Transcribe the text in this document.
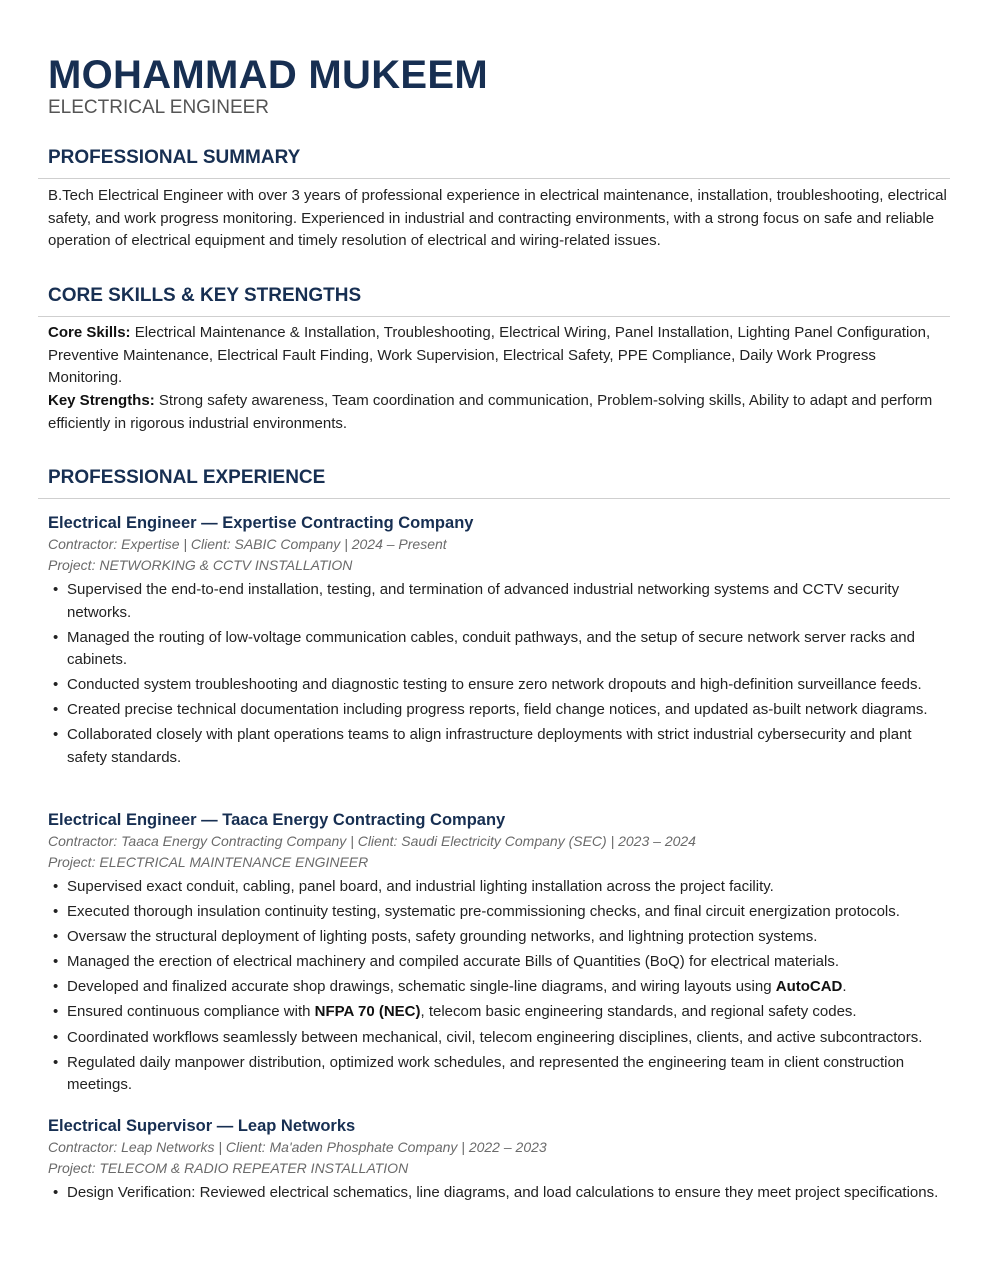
MOHAMMAD MUKEEM
ELECTRICAL ENGINEER
PROFESSIONAL SUMMARY

B.Tech Electrical Engineer with over 3 years of professional experience in electrical maintenance, installation, troubleshooting, electrical safety, and work progress monitoring. Experienced in industrial and contracting environments, with a strong focus on safe and reliable operation of electrical equipment and timely resolution of electrical and wiring-related issues.

CORE SKILLS & KEY STRENGTHS

Core Skills: Electrical Maintenance & Installation, Troubleshooting, Electrical Wiring, Panel Installation, Lighting Panel Configuration, Preventive Maintenance, Electrical Fault Finding, Work Supervision, Electrical Safety, PPE Compliance, Daily Work Progress Monitoring.

Key Strengths: Strong safety awareness, Team coordination and communication, Problem-solving skills, Ability to adapt and perform efficiently in rigorous industrial environments.

PROFESSIONAL EXPERIENCE
Electrical Engineer — Expertise Contracting Company
Contractor: Expertise | Client: SABIC Company | 2024 – Present
Project: NETWORKING & CCTV INSTALLATION
• Supervised the end-to-end installation, testing, and termination of advanced industrial networking systems and CCTV security networks.
• Managed the routing of low-voltage communication cables, conduit pathways, and the setup of secure network server racks and cabinets.
• Conducted system troubleshooting and diagnostic testing to ensure zero network dropouts and high-definition surveillance feeds.
• Created precise technical documentation including progress reports, field change notices, and updated as-built network diagrams.
• Collaborated closely with plant operations teams to align infrastructure deployments with strict industrial cybersecurity and plant safety standards.
Electrical Engineer — Taaca Energy Contracting Company
Contractor: Taaca Energy Contracting Company | Client: Saudi Electricity Company (SEC) | 2023 – 2024
Project: ELECTRICAL MAINTENANCE ENGINEER
• Supervised exact conduit, cabling, panel board, and industrial lighting installation across the project facility.
• Executed thorough insulation continuity testing, systematic pre-commissioning checks, and final circuit energization protocols.
• Oversaw the structural deployment of lighting posts, safety grounding networks, and lightning protection systems.
• Managed the erection of electrical machinery and compiled accurate Bills of Quantities (BoQ) for electrical materials.
• Developed and finalized accurate shop drawings, schematic single-line diagrams, and wiring layouts using AutoCAD.
• Ensured continuous compliance with NFPA 70 (NEC), telecom basic engineering standards, and regional safety codes.
• Coordinated workflows seamlessly between mechanical, civil, telecom engineering disciplines, clients, and active subcontractors.
• Regulated daily manpower distribution, optimized work schedules, and represented the engineering team in client construction meetings.
Electrical Supervisor — Leap Networks
Contractor: Leap Networks | Client: Ma'aden Phosphate Company | 2022 – 2023
Project: TELECOM & RADIO REPEATER INSTALLATION
• Design Verification: Reviewed electrical schematics, line diagrams, and load calculations to ensure they meet project specifications.
